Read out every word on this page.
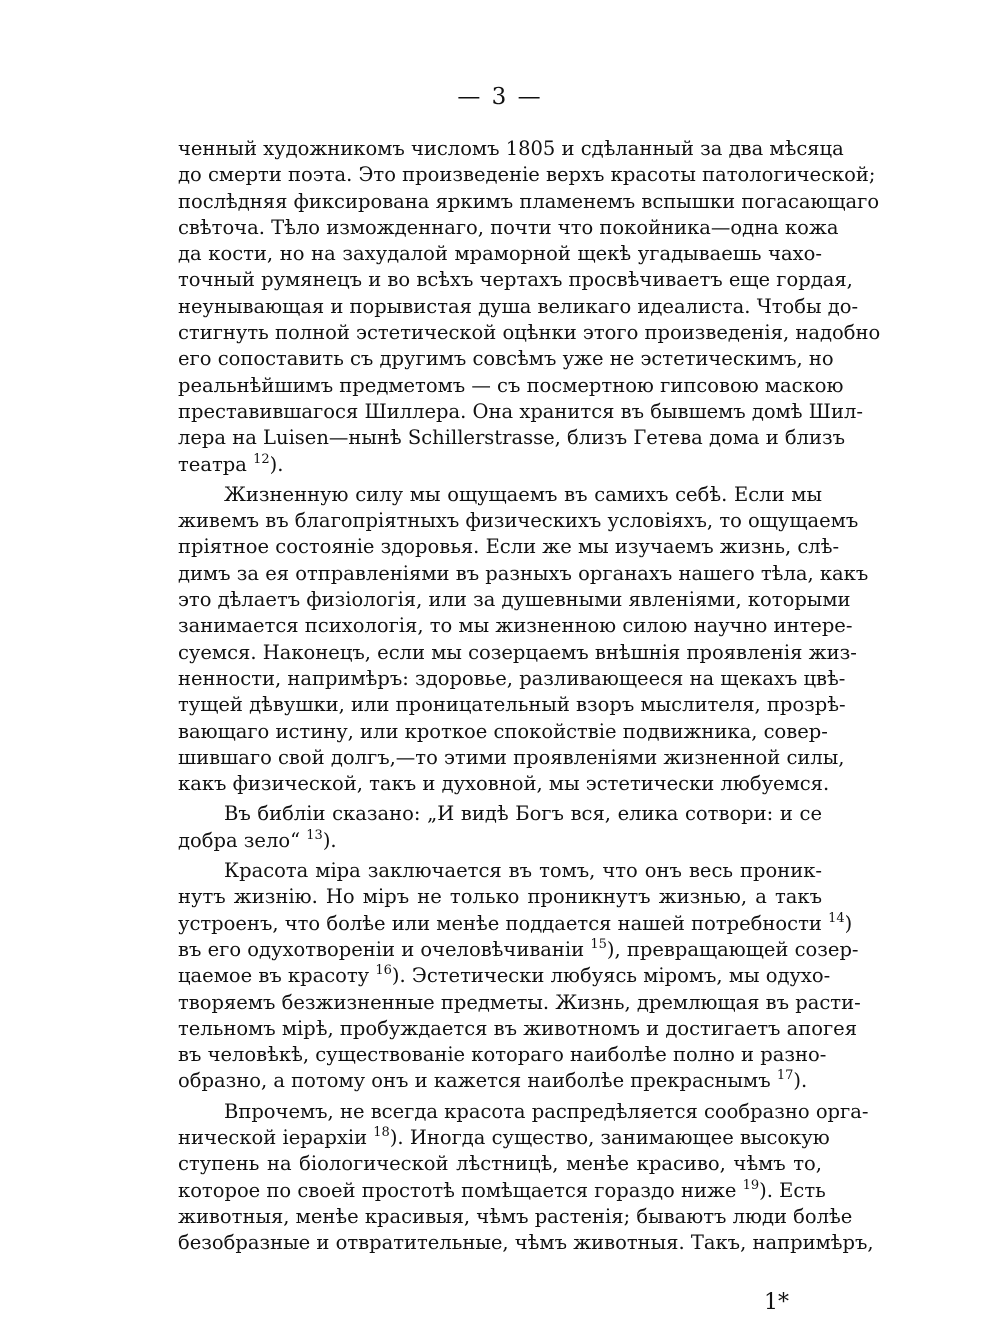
— 3 —
ченный художникомъ числомъ 1805 и сдѣланный за два мѣсяца
до смерти поэта. Это произведеніе верхъ красоты патологической;
послѣдняя фиксирована яркимъ пламенемъ вспышки погасающаго
свѣточа. Тѣло изможденнаго, почти что покойника—одна кожа
да кости, но на захудалой мраморной щекѣ угадываешь чахо-
точный румянецъ и во всѣхъ чертахъ просвѣчиваетъ еще гордая,
неунывающая и порывистая душа великаго идеалиста. Чтобы до-
стигнуть полной эстетической оцѣнки этого произведенія, надобно
его сопоставить съ другимъ совсѣмъ уже не эстетическимъ, но
реальнѣйшимъ предметомъ — съ посмертною гипсовою маскою
преставившагося Шиллера. Она хранится въ бывшемъ домѣ Шил-
лера на Luisen—нынѣ Schillerstrasse, близъ Гетева дома и близъ
театра $^{12}$).
Жизненную силу мы ощущаемъ въ самихъ себѣ. Если мы
живемъ въ благопріятныхъ физическихъ условіяхъ, то ощущаемъ
пріятное состояніе здоровья. Если же мы изучаемъ жизнь, слѣ-
димъ за ея отправленіями въ разныхъ органахъ нашего тѣла, какъ
это дѣлаетъ физіологія, или за душевными явленіями, которыми
занимается психологія, то мы жизненною силою научно интере-
суемся. Наконецъ, если мы созерцаемъ внѣшнія проявленія жиз-
ненности, напримѣръ: здоровье, разливающееся на щекахъ цвѣ-
тущей дѣвушки, или проницательный взоръ мыслителя, прозрѣ-
вающаго истину, или кроткое спокойствіе подвижника, совер-
шившаго свой долгъ,—то этими проявленіями жизненной силы,
какъ физической, такъ и духовной, мы эстетически любуемся.
Въ библіи сказано: „И видѣ Богъ вся, елика сотвори: и се
добра зело“ $^{13}$).
Красота міра заключается въ томъ, что онъ весь проник-
нутъ жизнію. Но міръ не только проникнутъ жизнью, а такъ
устроенъ, что болѣе или менѣе поддается нашей потребности $^{14}$)
въ его одухотвореніи и очеловѣчиваніи $^{15}$), превращающей созер-
цаемое въ красоту $^{16}$). Эстетически любуясь міромъ, мы одухо-
творяемъ безжизненные предметы. Жизнь, дремлющая въ расти-
тельномъ мірѣ, пробуждается въ животномъ и достигаетъ апогея
въ человѣкѣ, существованіе котораго наиболѣе полно и разно-
образно, а потому онъ и кажется наиболѣе прекраснымъ $^{17}$).
Впрочемъ, не всегда красота распредѣляется сообразно орга-
нической іерархіи $^{18}$). Иногда существо, занимающее высокую
ступень на біологической лѣстницѣ, менѣе красиво, чѣмъ то,
которое по своей простотѣ помѣщается гораздо ниже $^{19}$). Есть
животныя, менѣе красивыя, чѣмъ растенія; бываютъ люди болѣе
безобразные и отвратительные, чѣмъ животныя. Такъ, напримѣръ,
1*
